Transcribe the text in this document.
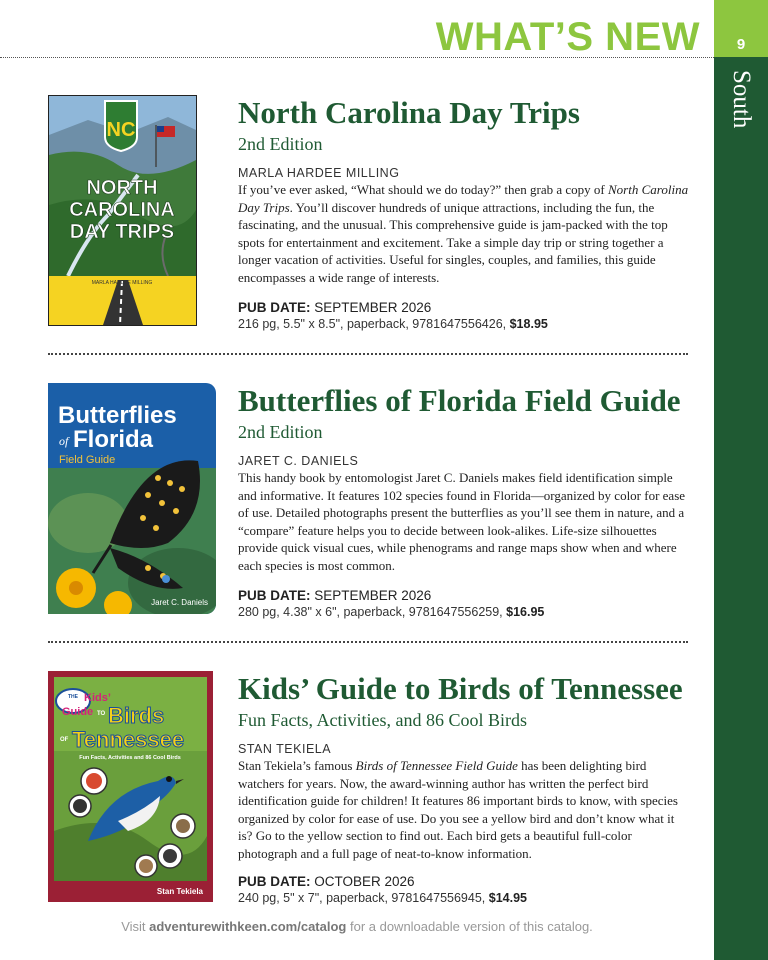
WHAT’S NEW	9
South
NC
NORTH
CAROLINA
DAY TRIPS
MARLA HARDEE MILLING
North Carolina Day Trips

2nd Edition

MARLA HARDEE MILLING

If you’ve ever asked, “What should we do today?” then grab a copy of North Carolina Day Trips. You’ll discover hundreds of unique attractions, including the fun, the fascinating, and the unusual. This comprehensive guide is jam-packed with the top spots for entertainment and excitement. Take a simple day trip or string together a longer vacation of activities. Useful for singles, couples, and families, this guide encompasses a wide range of interests.

PUB DATE: SEPTEMBER 2026
216 pg, 5.5" x 8.5", paperback, 9781647556426, $18.95
Butterflies
of Florida
Field Guide
Jaret C. Daniels
Butterflies of Florida Field Guide

2nd Edition

JARET C. DANIELS

This handy book by entomologist Jaret C. Daniels makes field identification simple and informative. It features 102 species found in Florida—organized by color for ease of use. Detailed photographs present the butterflies as you’ll see them in nature, and a “compare” feature helps you to decide between look-alikes. Life-size silhouettes provide quick visual cues, while phenograms and range maps show when and where each species is most common.

PUB DATE: SEPTEMBER 2026
280 pg, 4.38" x 6", paperback, 9781647556259, $16.95
THE Kids’
Guide TO Birds
OF Tennessee
Fun Facts, Activities and 86 Cool Birds
Stan Tekiela
Kids’ Guide to Birds of Tennessee

Fun Facts, Activities, and 86 Cool Birds

STAN TEKIELA

Stan Tekiela’s famous Birds of Tennessee Field Guide has been delighting bird watchers for years. Now, the award-winning author has written the perfect bird identification guide for children! It features 86 important birds to know, with species organized by color for ease of use. Do you see a yellow bird and don’t know what it is? Go to the yellow section to find out. Each bird gets a beautiful full-color photograph and a full page of neat-to-know information.

PUB DATE: OCTOBER 2026
240 pg, 5" x 7", paperback, 9781647556945, $14.95
Visit adventurewithkeen.com/catalog for a downloadable version of this catalog.
